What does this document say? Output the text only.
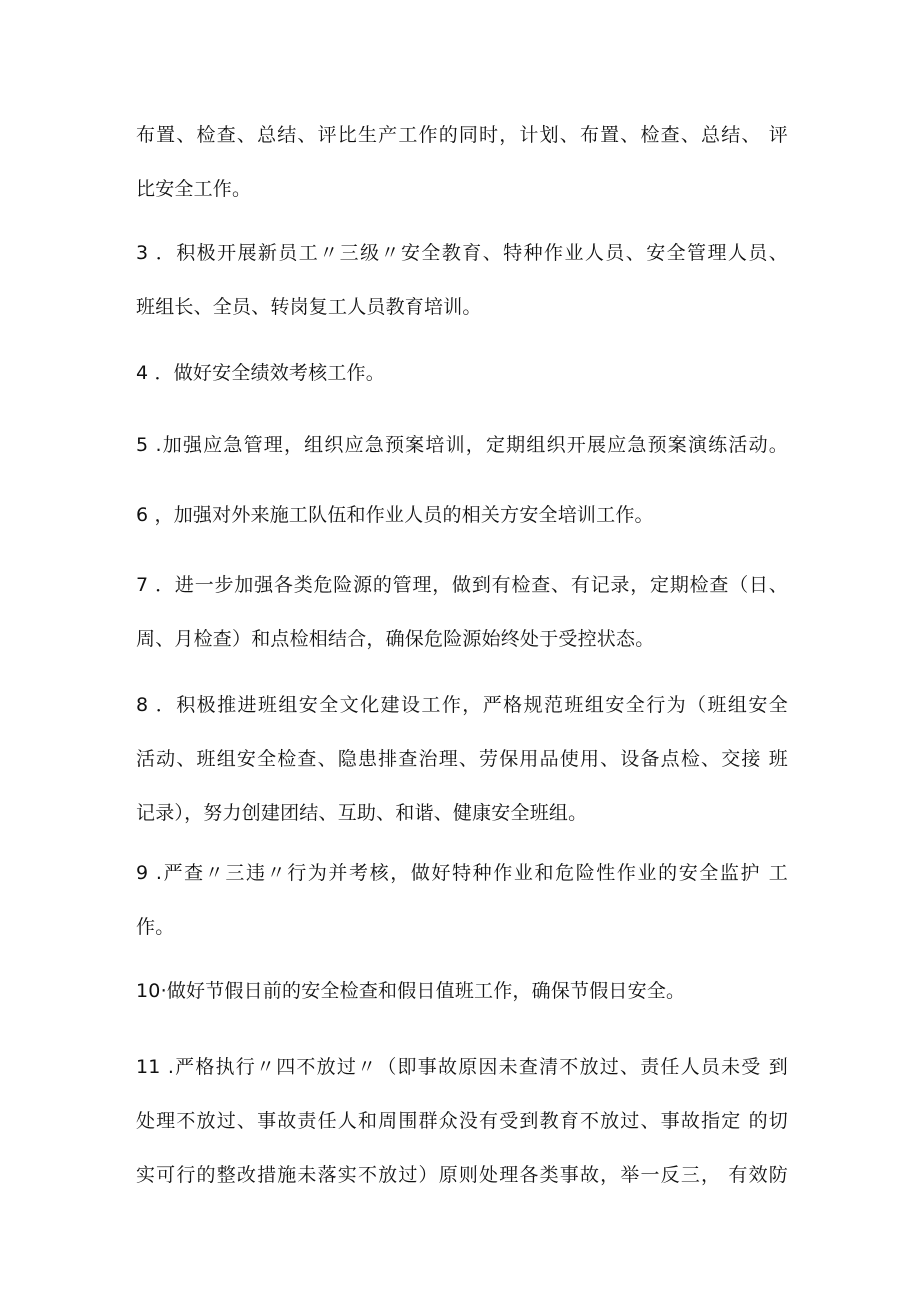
布置、检查、总结、评比生产工作的同时，计划、布置、检查、总结、 评
比安全工作。
3 ．积极开展新员工〃三级〃安全教育、特种作业人员、安全管理人员、
班组长、全员、转岗复工人员教育培训。
4 ．做好安全绩效考核工作。
5 .加强应急管理，组织应急预案培训，定期组织开展应急预案演练活动。
6 ，加强对外来施工队伍和作业人员的相关方安全培训工作。
7 ．进一步加强各类危险源的管理，做到有检查、有记录，定期检查（日、
周、月检查）和点检相结合，确保危险源始终处于受控状态。
8 ．积极推进班组安全文化建设工作，严格规范班组安全行为（班组安全
活动、班组安全检查、隐患排查治理、劳保用品使用、设备点检、交接 班
记录），努力创建团结、互助、和谐、健康安全班组。
9 .严查〃三违〃行为并考核，做好特种作业和危险性作业的安全监护 工
作。
10·做好节假日前的安全检查和假日值班工作，确保节假日安全。
11 .严格执行〃四不放过〃（即事故原因未查清不放过、责任人员未受 到
处理不放过、事故责任人和周围群众没有受到教育不放过、事故指定 的切
实可行的整改措施未落实不放过）原则处理各类事故，举一反三， 有效防
